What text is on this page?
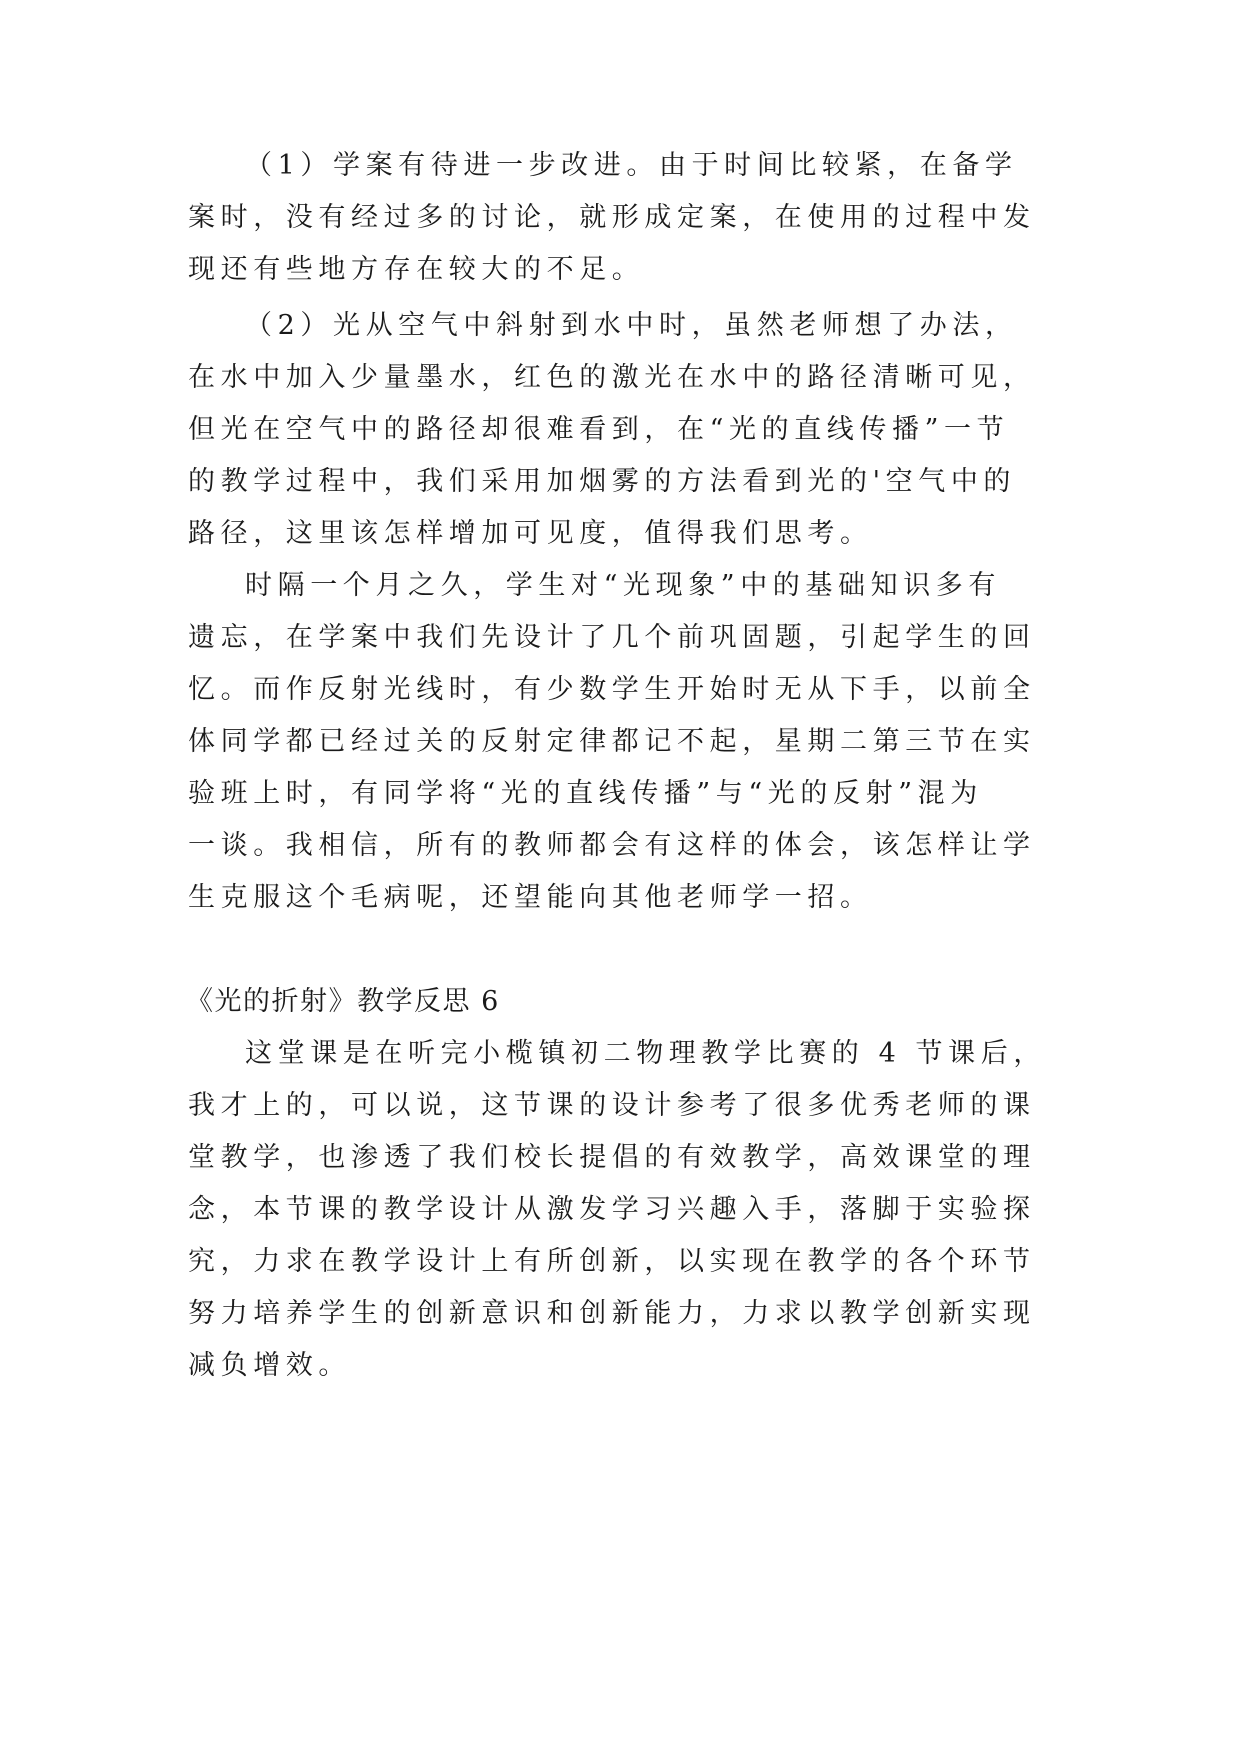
（1）学案有待进一步改进。由于时间比较紧，在备学

案时，没有经过多的讨论，就形成定案，在使用的过程中发

现还有些地方存在较大的不足。

（2）光从空气中斜射到水中时，虽然老师想了办法，

在水中加入少量墨水，红色的激光在水中的路径清晰可见，

但光在空气中的路径却很难看到，在“光的直线传播”一节

的教学过程中，我们采用加烟雾的方法看到光的'空气中的

路径，这里该怎样增加可见度，值得我们思考。

时隔一个月之久，学生对“光现象”中的基础知识多有

遗忘，在学案中我们先设计了几个前巩固题，引起学生的回

忆。而作反射光线时，有少数学生开始时无从下手，以前全

体同学都已经过关的反射定律都记不起，星期二第三节在实

验班上时，有同学将“光的直线传播”与“光的反射”混为

一谈。我相信，所有的教师都会有这样的体会，该怎样让学

生克服这个毛病呢，还望能向其他老师学一招。

《光的折射》教学反思 6

这堂课是在听完小榄镇初二物理教学比赛的 4 节课后，

我才上的，可以说，这节课的设计参考了很多优秀老师的课

堂教学，也渗透了我们校长提倡的有效教学，高效课堂的理

念，本节课的教学设计从激发学习兴趣入手，落脚于实验探

究，力求在教学设计上有所创新，以实现在教学的各个环节

努力培养学生的创新意识和创新能力，力求以教学创新实现

减负增效。
